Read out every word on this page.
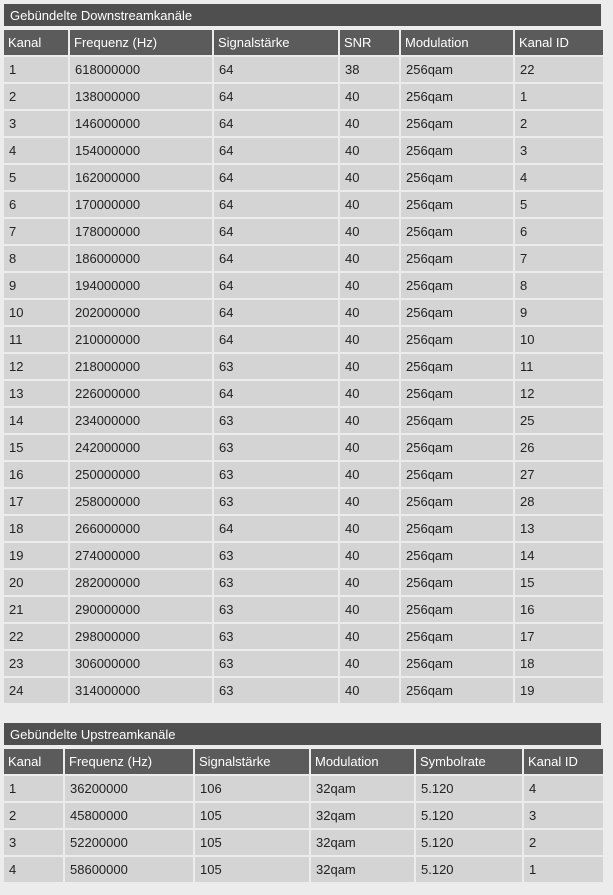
Gebündelte Downstreamkanäle
Kanal	Frequenz (Hz)	Signalstärke	SNR	Modulation	Kanal ID
1	618000000	64	38	256qam	22
2	138000000	64	40	256qam	1
3	146000000	64	40	256qam	2
4	154000000	64	40	256qam	3
5	162000000	64	40	256qam	4
6	170000000	64	40	256qam	5
7	178000000	64	40	256qam	6
8	186000000	64	40	256qam	7
9	194000000	64	40	256qam	8
10	202000000	64	40	256qam	9
11	210000000	64	40	256qam	10
12	218000000	63	40	256qam	11
13	226000000	64	40	256qam	12
14	234000000	63	40	256qam	25
15	242000000	63	40	256qam	26
16	250000000	63	40	256qam	27
17	258000000	63	40	256qam	28
18	266000000	64	40	256qam	13
19	274000000	63	40	256qam	14
20	282000000	63	40	256qam	15
21	290000000	63	40	256qam	16
22	298000000	63	40	256qam	17
23	306000000	63	40	256qam	18
24	314000000	63	40	256qam	19
Gebündelte Upstreamkanäle
Kanal	Frequenz (Hz)	Signalstärke	Modulation	Symbolrate	Kanal ID
1	36200000	106	32qam	5.120	4
2	45800000	105	32qam	5.120	3
3	52200000	105	32qam	5.120	2
4	58600000	105	32qam	5.120	1
